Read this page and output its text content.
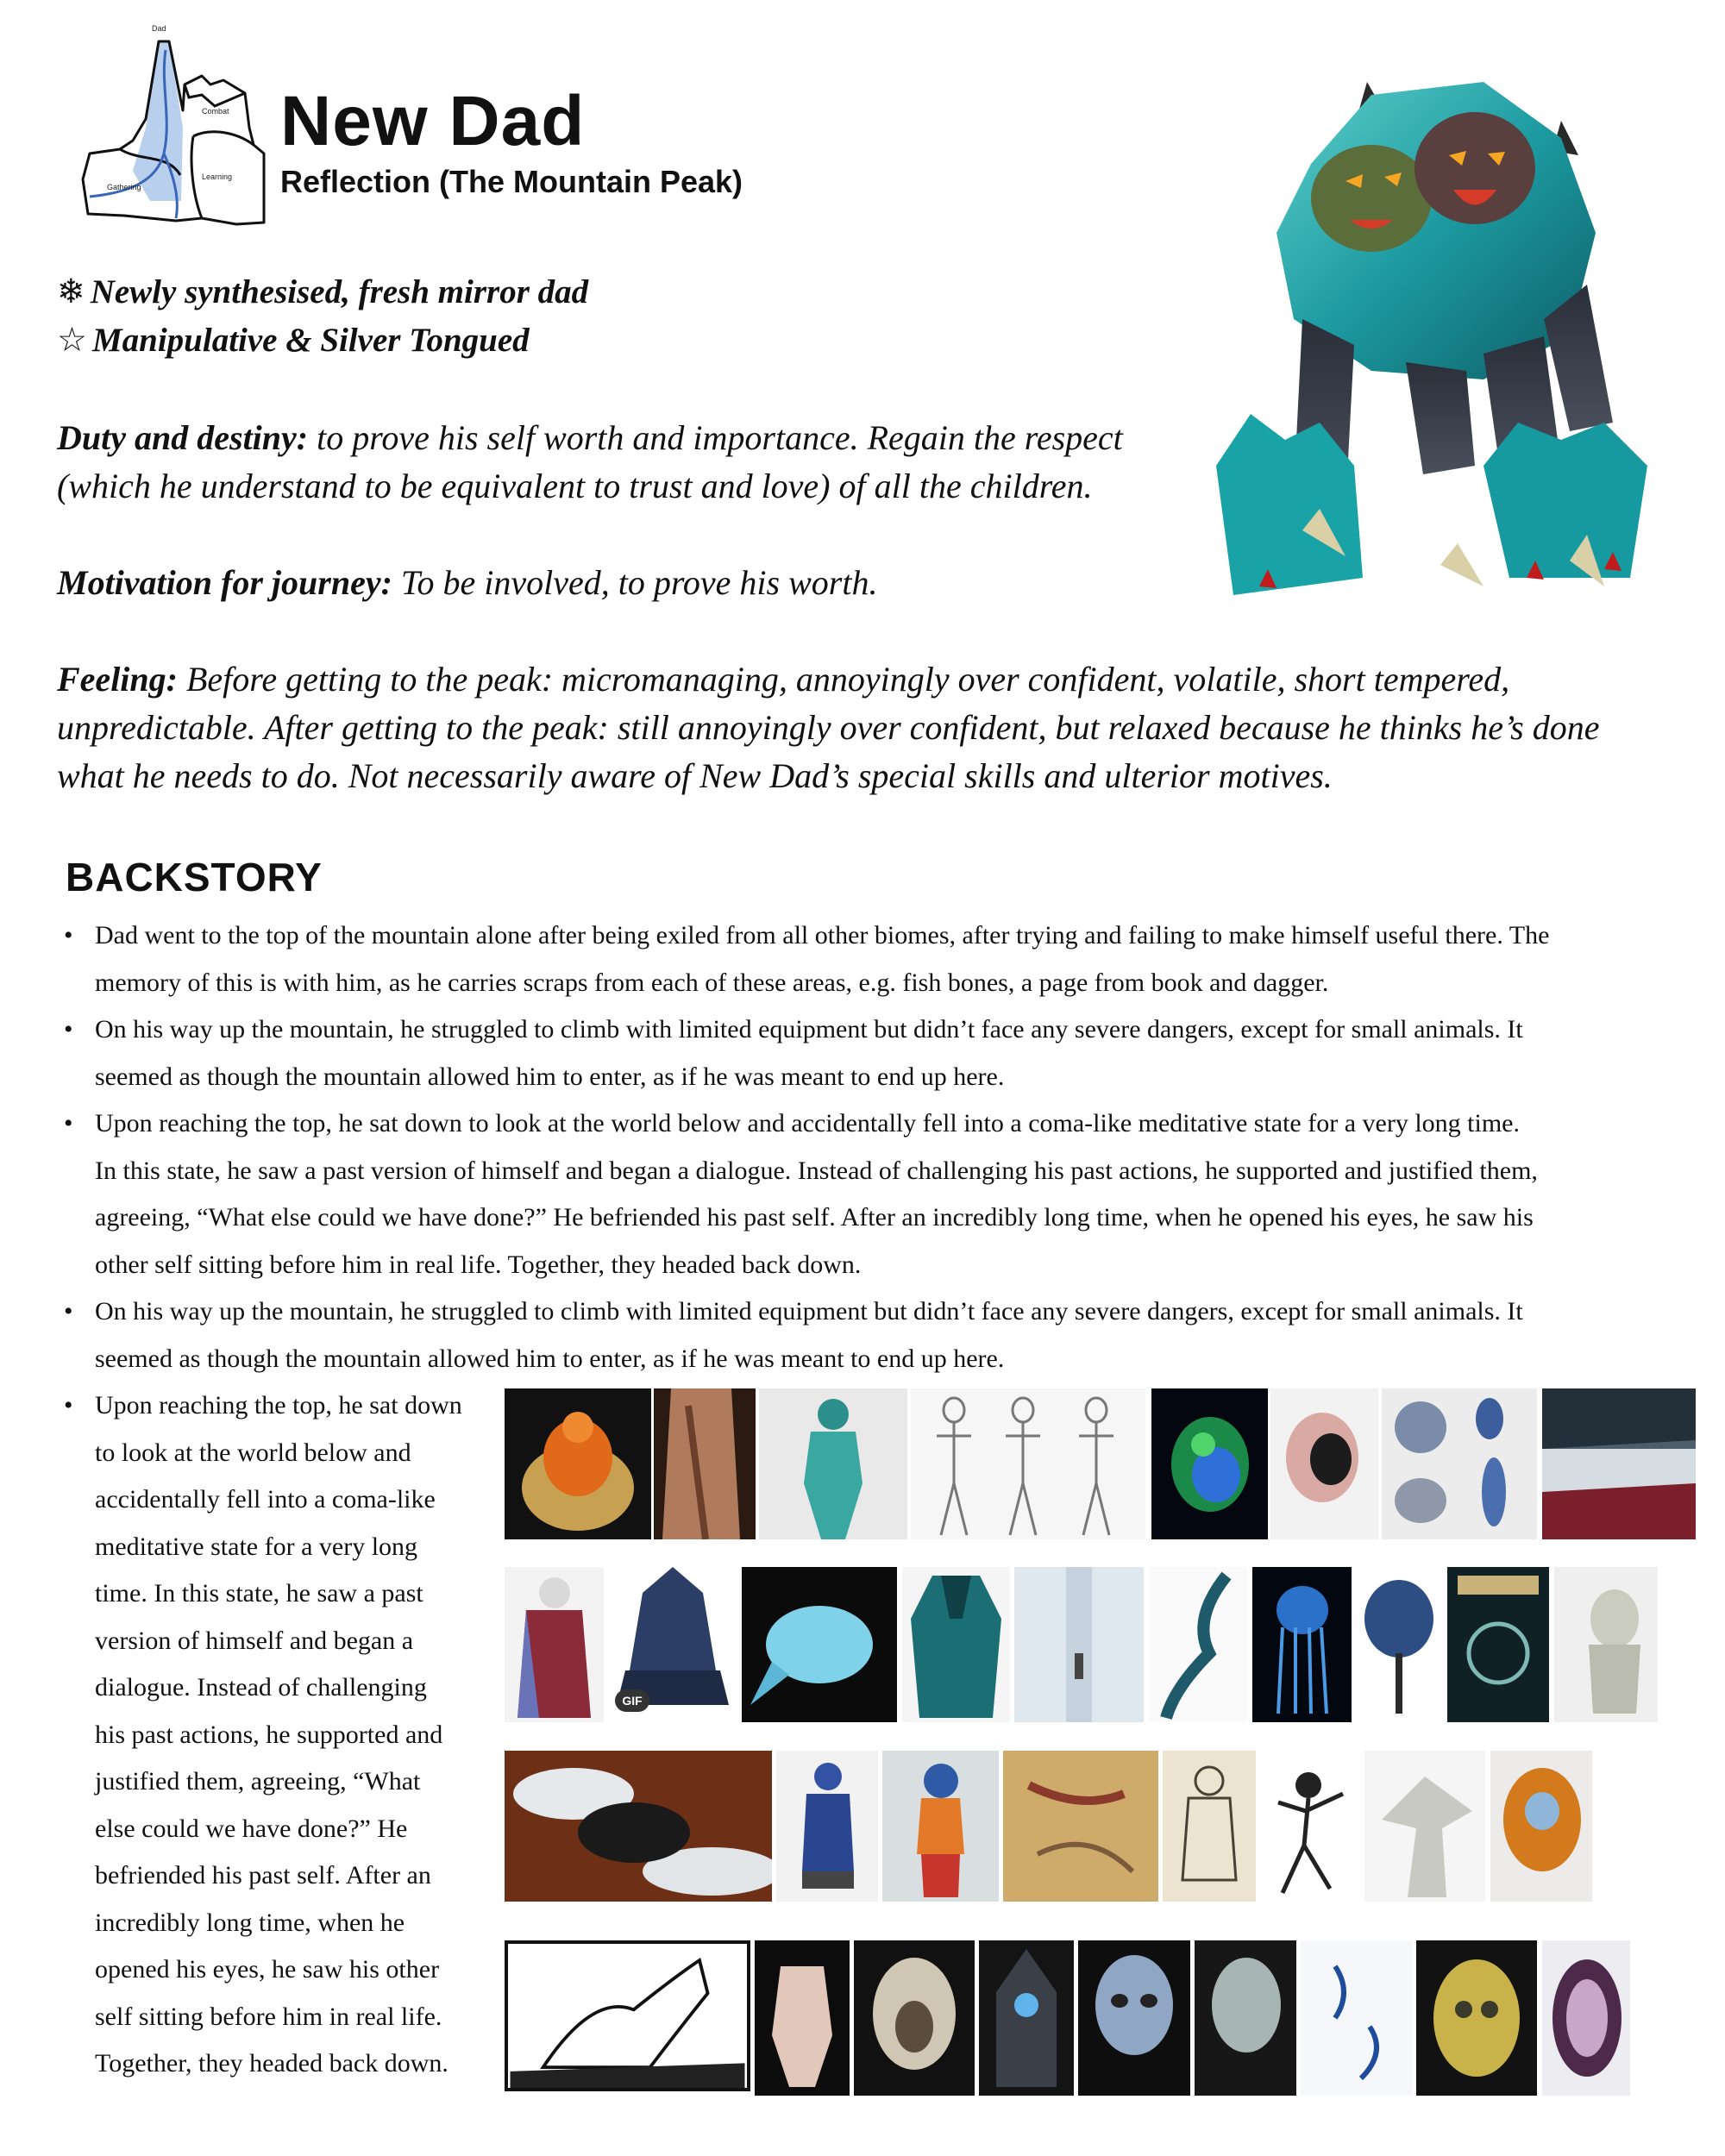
Dad
Combat
Learning
Gathering
New Dad
Reflection (The Mountain Peak)
❄ Newly synthesised, fresh mirror dad
☆ Manipulative & Silver Tongued
Duty and destiny: to prove his self worth and importance. Regain the respect
(which he understand to be equivalent to trust and love) of all the children.
Motivation for journey: To be involved, to prove his worth.
Feeling: Before getting to the peak: micromanaging, annoyingly over confident, volatile, short tempered,
unpredictable. After getting to the peak: still annoyingly over confident, but relaxed because he thinks he’s done
what he needs to do. Not necessarily aware of New Dad’s special skills and ulterior motives.
BACKSTORY
• Dad went to the top of the mountain alone after being exiled from all other biomes, after trying and failing to make himself useful there. The
memory of this is with him, as he carries scraps from each of these areas, e.g. fish bones, a page from book and dagger.
• On his way up the mountain, he struggled to climb with limited equipment but didn’t face any severe dangers, except for small animals. It
seemed as though the mountain allowed him to enter, as if he was meant to end up here.
• Upon reaching the top, he sat down to look at the world below and accidentally fell into a coma-like meditative state for a very long time.
In this state, he saw a past version of himself and began a dialogue. Instead of challenging his past actions, he supported and justified them,
agreeing, “What else could we have done?” He befriended his past self. After an incredibly long time, when he opened his eyes, he saw his
other self sitting before him in real life. Together, they headed back down.
• On his way up the mountain, he struggled to climb with limited equipment but didn’t face any severe dangers, except for small animals. It
seemed as though the mountain allowed him to enter, as if he was meant to end up here.
• Upon reaching the top, he sat down
to look at the world below and
accidentally fell into a coma-like
meditative state for a very long
time. In this state, he saw a past
version of himself and began a
dialogue. Instead of challenging
his past actions, he supported and
justified them, agreeing, “What
else could we have done?” He
befriended his past self. After an
incredibly long time, when he
opened his eyes, he saw his other
self sitting before him in real life.
Together, they headed back down.
GIF
